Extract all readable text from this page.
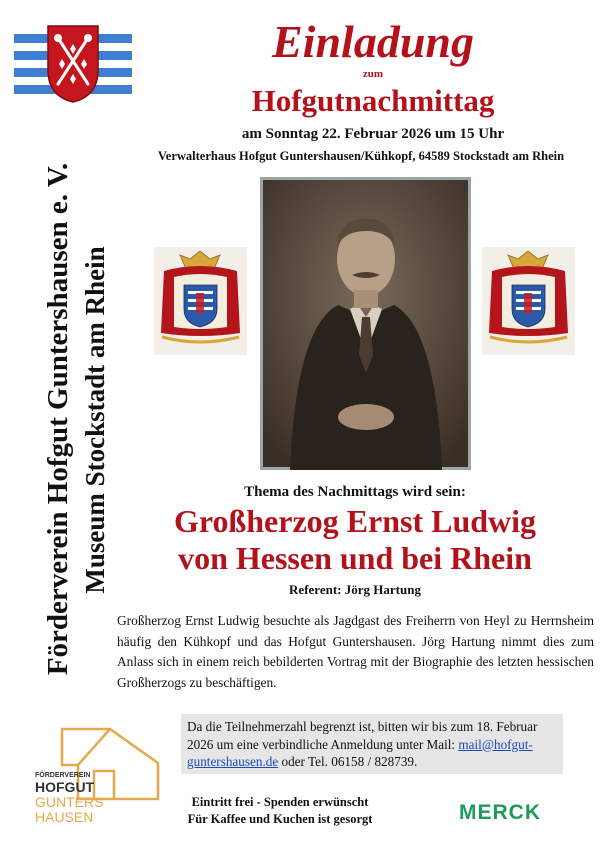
Einladung
zum
Hofgutnachmittag
am Sonntag 22. Februar 2026 um 15 Uhr
Verwalterhaus Hofgut Guntershausen/Kühkopf, 64589 Stockstadt am Rhein
Förderverein Hofgut Guntershausen e. V. Museum Stockstadt am Rhein	Thema des Nachmittags wird sein:
Großherzog Ernst Ludwig
von Hessen und bei Rhein
Referent: Jörg Hartung
Großherzog Ernst Ludwig besuchte als Jagdgast des Freiherrn von Heyl zu Herrnsheim häufig den Kühkopf und das Hofgut Guntershausen. Jörg Hartung nimmt dies zum Anlass sich in einem reich bebilderten Vortrag mit der Biographie des letzten hessischen Großherzogs zu beschäftigen.
Da die Teilnehmerzahl begrenzt ist, bitten wir bis zum 18. Februar 2026 um eine verbindliche Anmeldung unter Mail: mail@hofgut-guntershausen.de oder Tel. 06158 / 828739.
FÖRDERVEREIN
HOFGUT
GUNTERS
HAUSEN
Eintritt frei - Spenden erwünscht
Für Kaffee und Kuchen ist gesorgt	MERCK
